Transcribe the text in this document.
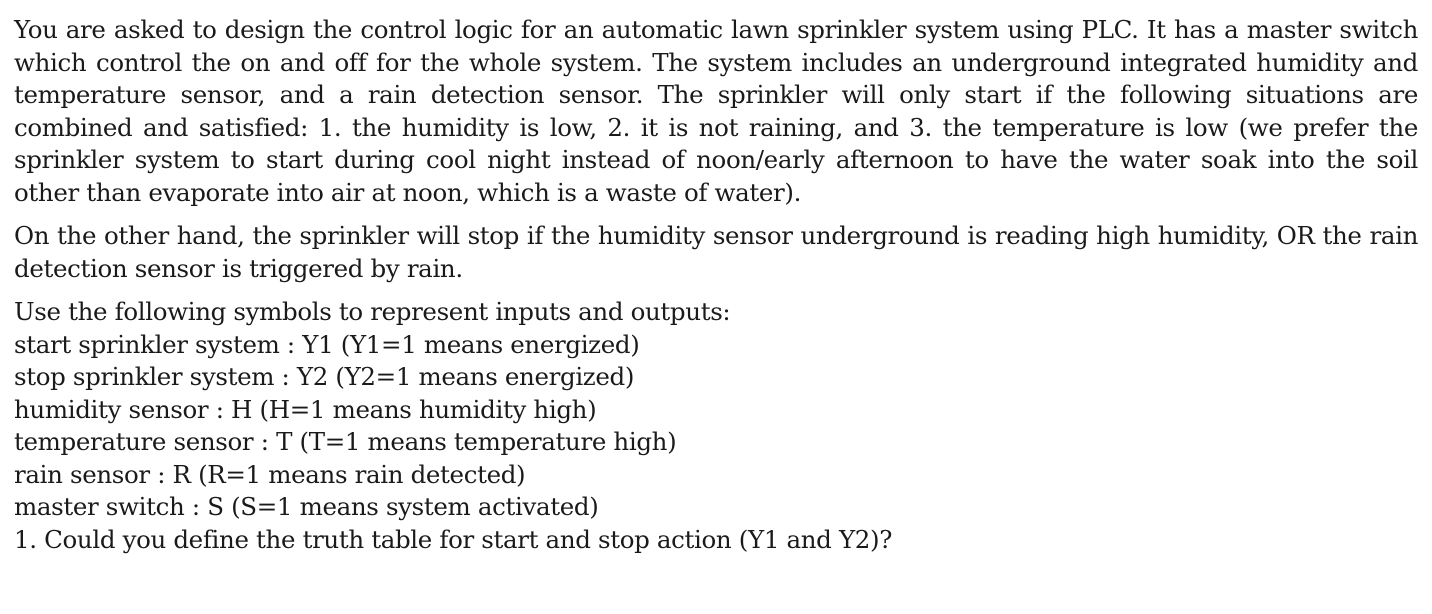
You are asked to design the control logic for an automatic lawn sprinkler system using PLC. It has a master switch which control the on and off for the whole system. The system includes an underground integrated humidity and temperature sensor, and a rain detection sensor. The sprinkler will only start if the following situations are combined and satisfied: 1. the humidity is low, 2. it is not raining, and 3. the temperature is low (we prefer the sprinkler system to start during cool night instead of noon/early afternoon to have the water soak into the soil other than evaporate into air at noon, which is a waste of water).

On the other hand, the sprinkler will stop if the humidity sensor underground is reading high humidity, OR the rain detection sensor is triggered by rain.

Use the following symbols to represent inputs and outputs:
start sprinkler system : Y1 (Y1=1 means energized)
stop sprinkler system : Y2 (Y2=1 means energized)
humidity sensor : H (H=1 means humidity high)
temperature sensor : T (T=1 means temperature high)
rain sensor : R (R=1 means rain detected)
master switch : S (S=1 means system activated)
1. Could you define the truth table for start and stop action (Y1 and Y2)?
